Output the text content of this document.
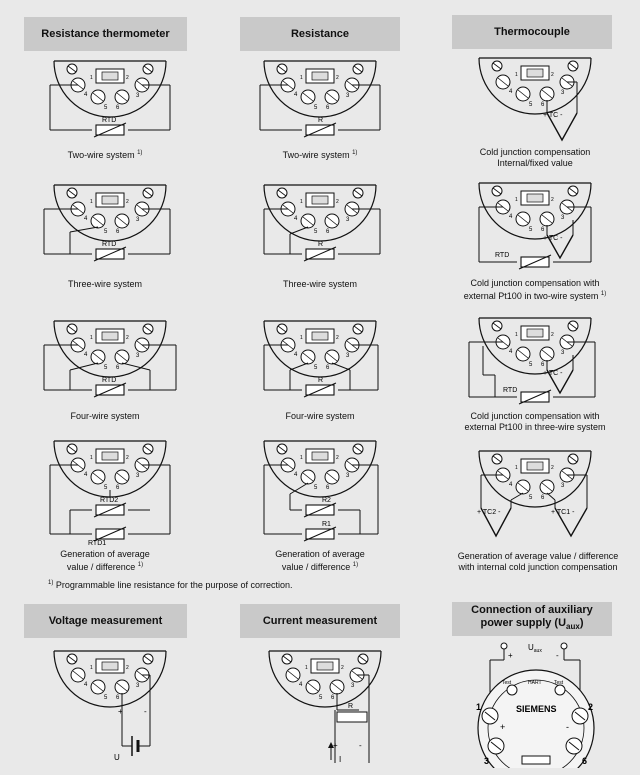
Resistance thermometer
RTD
Two-wire system $^{1)}$
RTD
Three-wire system
RTD
Four-wire system
RTD2
RTD1
Generation of average
value / difference $^{1)}$
Resistance
R
Two-wire system $^{1)}$
R
Three-wire system
R
Four-wire system
R2
R1
Generation of average
value / difference $^{1)}$
Thermocouple
+ TC -
Cold junction compensation
Internal/fixed value
+ TC -
RTD
Cold junction compensation with
external Pt100 in two-wire system $^{1)}$
+ TC -
RTD
Cold junction compensation with
external Pt100 in three-wire system
+ TC2 -	+ TC1 -
Generation of average value / difference
with internal cold junction compensation
$^{1)}$ Programmable line resistance for the purpose of correction.
Voltage measurement	Current measurement
Connection of auxiliary
power supply $(U_{aux})$
+	-
U
R
+	-
I
$U_{aux}$
+	-
Test	Test
HART
SIEMENS
1	2
3	6
+	-
